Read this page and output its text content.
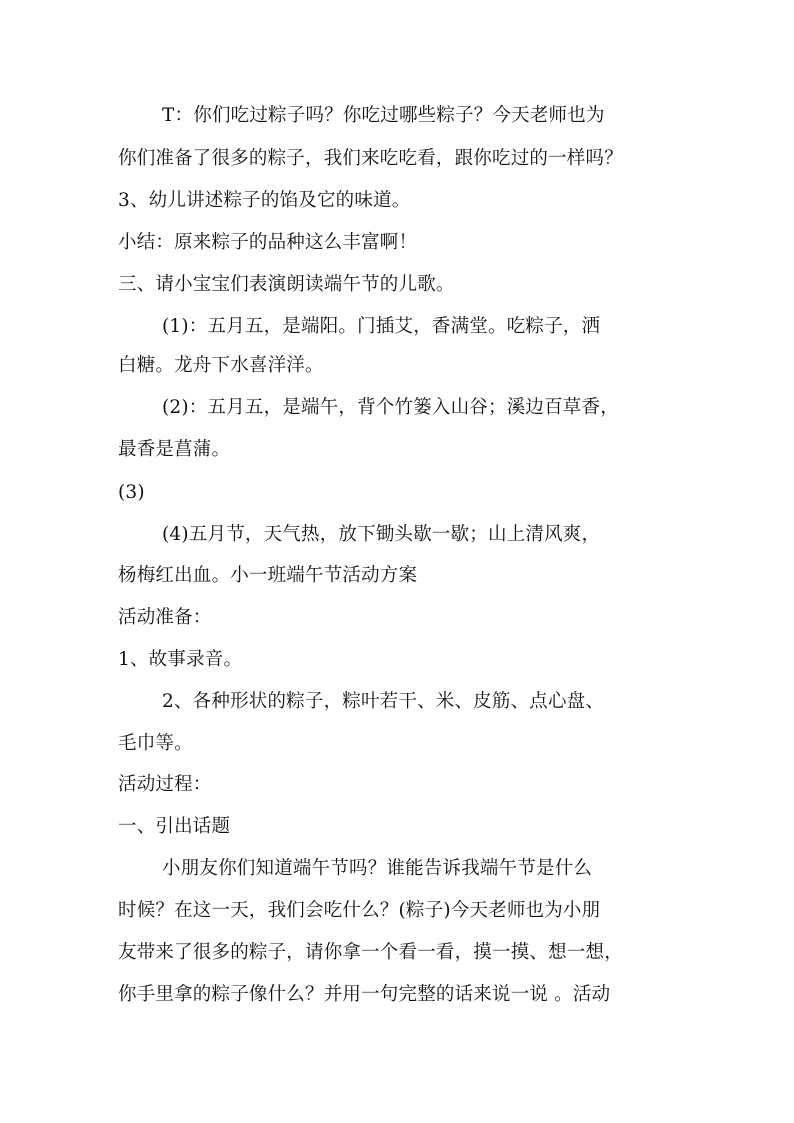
T：你们吃过粽子吗？你吃过哪些粽子？今天老师也为
你们准备了很多的粽子，我们来吃吃看，跟你吃过的一样吗？
3、幼儿讲述粽子的馅及它的味道。
小结：原来粽子的品种这么丰富啊！
三、请小宝宝们表演朗读端午节的儿歌。
(1)：五月五，是端阳。门插艾，香满堂。吃粽子，洒
白糖。龙舟下水喜洋洋。
(2)：五月五，是端午，背个竹篓入山谷；溪边百草香，
最香是菖蒲。
(3)
(4)五月节，天气热，放下锄头歇一歇；山上清风爽，
杨梅红出血。小一班端午节活动方案
活动准备：
1、故事录音。
2、各种形状的粽子，粽叶若干、米、皮筋、点心盘、
毛巾等。
活动过程：
一、引出话题
小朋友你们知道端午节吗？谁能告诉我端午节是什么
时候？在这一天，我们会吃什么？(粽子)今天老师也为小朋
友带来了很多的粽子，请你拿一个看一看，摸一摸、想一想，
你手里拿的粽子像什么？并用一句完整的话来说一说 。活动
